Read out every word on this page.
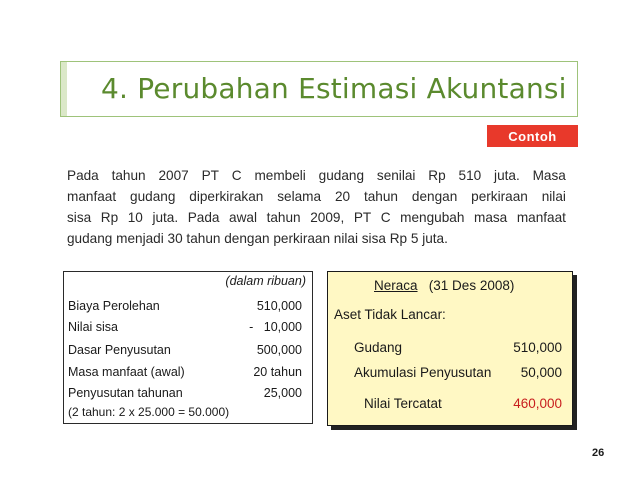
4. Perubahan Estimasi Akuntansi
Contoh
Pada tahun 2007 PT C membeli gudang senilai Rp 510 juta. Masa
manfaat gudang diperkirakan selama 20 tahun dengan perkiraan nilai
sisa Rp 10 juta. Pada awal tahun 2009, PT C mengubah masa manfaat
gudang menjadi 30 tahun dengan perkiraan nilai sisa Rp 5 juta.
(dalam ribuan)
Biaya Perolehan	510,000
Nilai sisa	-   10,000
Dasar Penyusutan	500,000
Masa manfaat (awal)	20 tahun
Penyusutan tahunan	25,000
(2 tahun: 2 x 25.000 = 50.000)
Neraca (31 Des 2008)
Aset Tidak Lancar:
Gudang	510,000
Akumulasi Penyusutan 50,000
Nilai Tercatat	460,000
26
